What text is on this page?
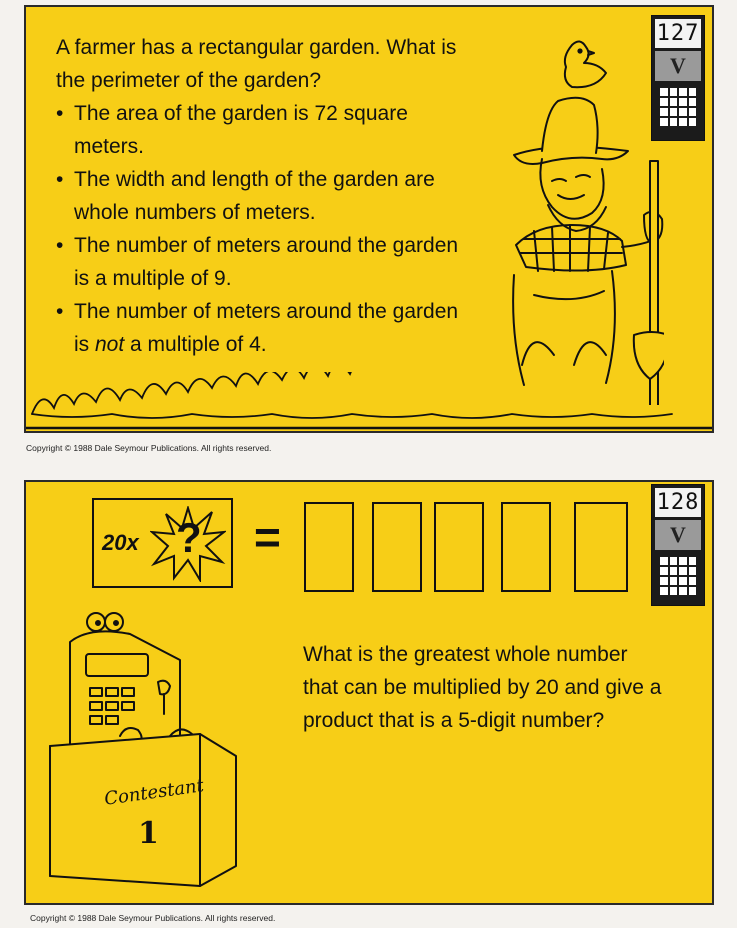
A farmer has a rectangular garden. What is the perimeter of the garden?

• The area of the garden is 72 square meters.
• The width and length of the garden are whole numbers of meters.
• The number of meters around the garden is a multiple of 9.
• The number of meters around the garden is not a multiple of 4.
127
V
Copyright © 1988 Dale Seymour Publications. All rights reserved.
128
V
20x ? =
What is the greatest whole number that can be multiplied by 20 and give a product that is a 5-digit number?
Contestant
1
Copyright © 1988 Dale Seymour Publications. All rights reserved.
